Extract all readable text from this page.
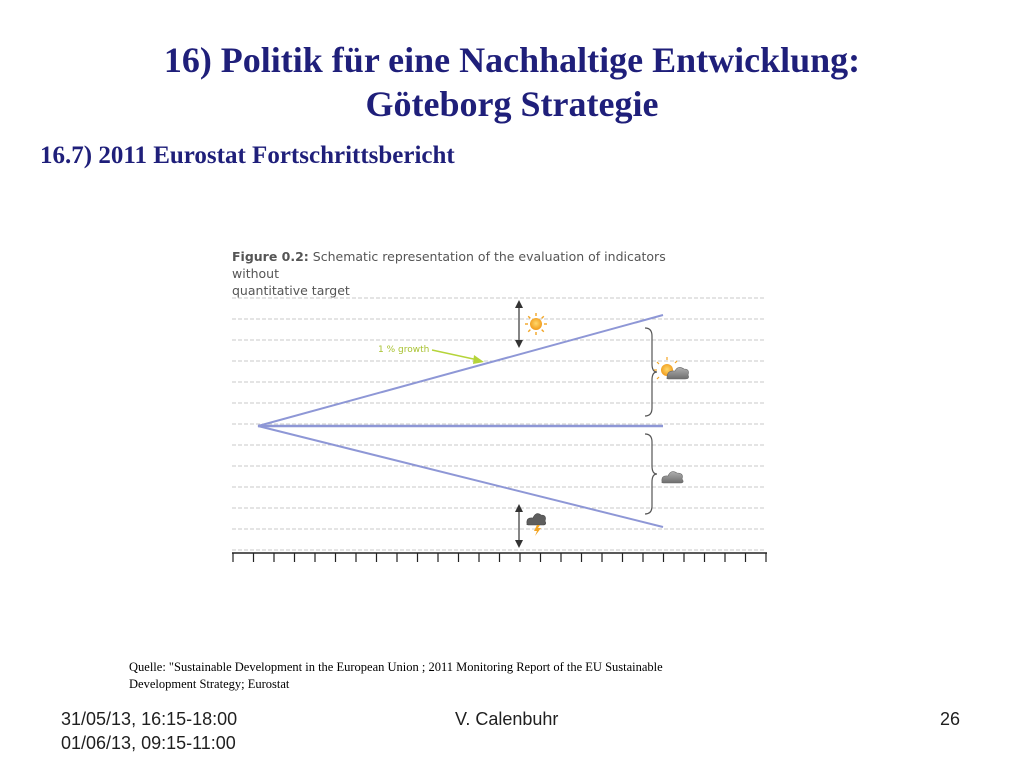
16) Politik für eine Nachhaltige Entwicklung:
Göteborg Strategie
16.7) 2011 Eurostat Fortschrittsbericht
Figure 0.2: Schematic representation of the evaluation of indicators without
quantitative target
1 % growth
Quelle: "Sustainable Development in the European Union ; 2011 Monitoring Report of the EU Sustainable
Development Strategy; Eurostat
31/05/13, 16:15-18:00
01/06/13, 09:15-11:00
V. Calenbuhr	26
